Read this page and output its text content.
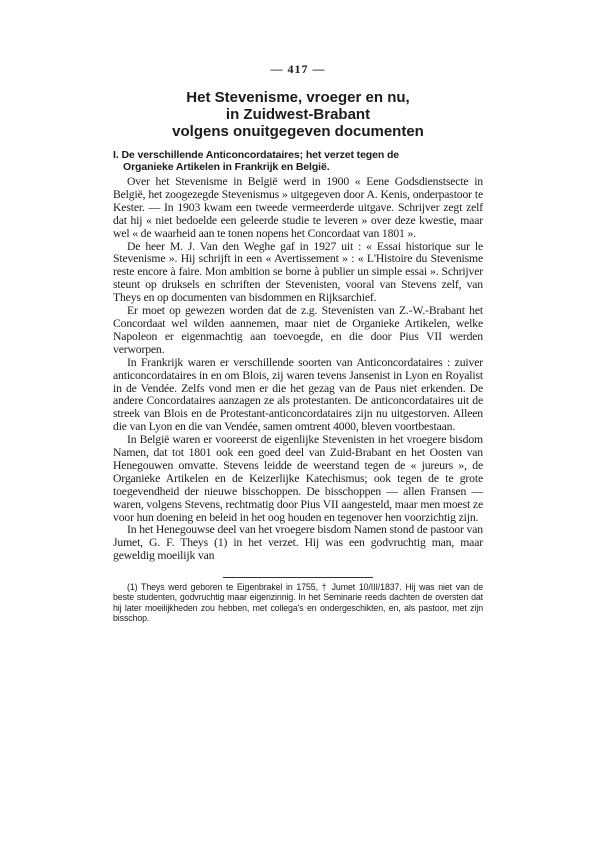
— 417 —
Het Stevenisme, vroeger en nu,
in Zuidwest-Brabant
volgens onuitgegeven documenten
I. De verschillende Anticoncordataires; het verzet tegen de
Organieke Artikelen in Frankrijk en België.

Over het Stevenisme in België werd in 1900 « Eene Godsdienstsecte in België, het zoogezegde Stevenismus » uitgegeven door A. Kenis, onderpastoor te Kester. — In 1903 kwam een tweede vermeerderde uitgave. Schrijver zegt zelf dat hij « niet bedoelde een geleerde studie te leveren » over deze kwestie, maar wel « de waarheid aan te tonen nopens het Concordaat van 1801 ».

De heer M. J. Van den Weghe gaf in 1927 uit : « Essai historique sur le Stevenisme ». Hij schrijft in een « Avertissement » : « L'Histoire du Stevenisme reste encore à faire. Mon ambition se borne à publier un simple essai ». Schrijver steunt op druksels en schriften der Stevenisten, vooral van Stevens zelf, van Theys en op documenten van bisdommen en Rijksarchief.

Er moet op gewezen worden dat de z.g. Stevenisten van Z.-W.-Brabant het Concordaat wel wilden aannemen, maar niet de Organieke Artikelen, welke Napoleon er eigenmachtig aan toevoegde, en die door Pius VII werden verworpen.

In Frankrijk waren er verschillende soorten van Anticoncordataires : zuiver anticoncordataires in en om Blois, zij waren tevens Jansenist in Lyon en Royalist in de Vendée. Zelfs vond men er die het gezag van de Paus niet erkenden. De andere Concordataires aanzagen ze als protestanten. De anticoncordataires uit de streek van Blois en de Protestant-anticoncordataires zijn nu uitgestorven. Alleen die van Lyon en die van Vendée, samen omtrent 4000, bleven voortbestaan.

In België waren er vooreerst de eigenlijke Stevenisten in het vroegere bisdom Namen, dat tot 1801 ook een goed deel van Zuid-Brabant en het Oosten van Henegouwen omvatte. Stevens leidde de weerstand tegen de « jureurs », de Organieke Artikelen en de Keizerlijke Katechismus; ook tegen de te grote toegevendheid der nieuwe bisschoppen. De bisschoppen — allen Fransen — waren, volgens Stevens, rechtmatig door Pius VII aangesteld, maar men moest ze voor hun doening en beleid in het oog houden en tegenover hen voorzichtig zijn.

In het Henegouwse deel van het vroegere bisdom Namen stond de pastoor van Jumet, G. F. Theys (1) in het verzet. Hij was een godvruchtig man, maar geweldig moeilijk van

(1) Theys werd geboren te Eigenbrakel in 1755, † Jumet 10/III/1837. Hij was niet van de beste studenten, godvruchtig maar eigenzinnig. In het Seminarie reeds dachten de oversten dat hij later moeilijkheden zou hebben, met collega's en ondergeschikten, en, als pastoor, met zijn bisschop.
